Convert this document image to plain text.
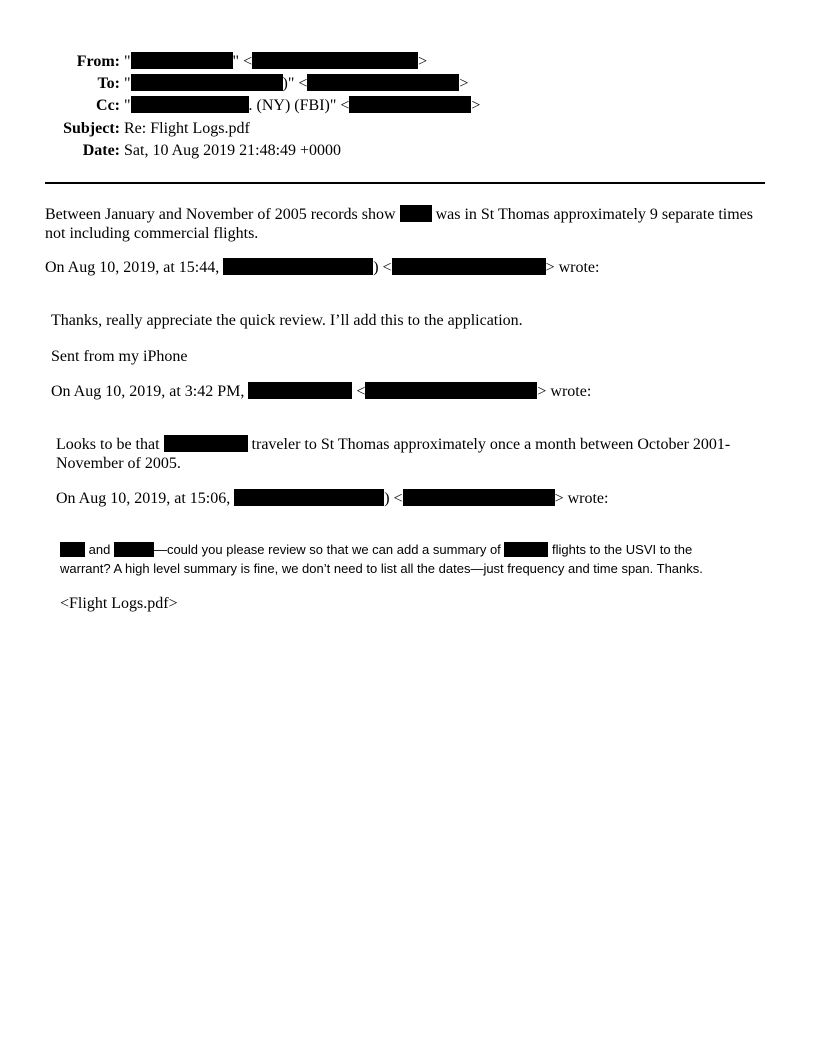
From: "	" <	>
To: "	)" <	>
Cc: "	. (NY) (FBI)" <	>
Subject: Re: Flight Logs.pdf
Date: Sat, 10 Aug 2019 21:48:49 +0000
Between January and November of 2005 records show	was in St Thomas approximately 9 separate times
not including commercial flights.
On Aug 10, 2019, at 15:44,	) <	> wrote:
Thanks, really appreciate the quick review. I’ll add this to the application.
Sent from my iPhone
On Aug 10, 2019, at 3:42 PM,	<	> wrote:
Looks to be that	traveler to St Thomas approximately once a month between October 2001-
November of 2005.
On Aug 10, 2019, at 15:06,	) <	> wrote:
and	—could you please review so that we can add a summary of	flights to the USVI to the
warrant? A high level summary is fine, we don’t need to list all the dates—just frequency and time span. Thanks.
<Flight Logs.pdf>
